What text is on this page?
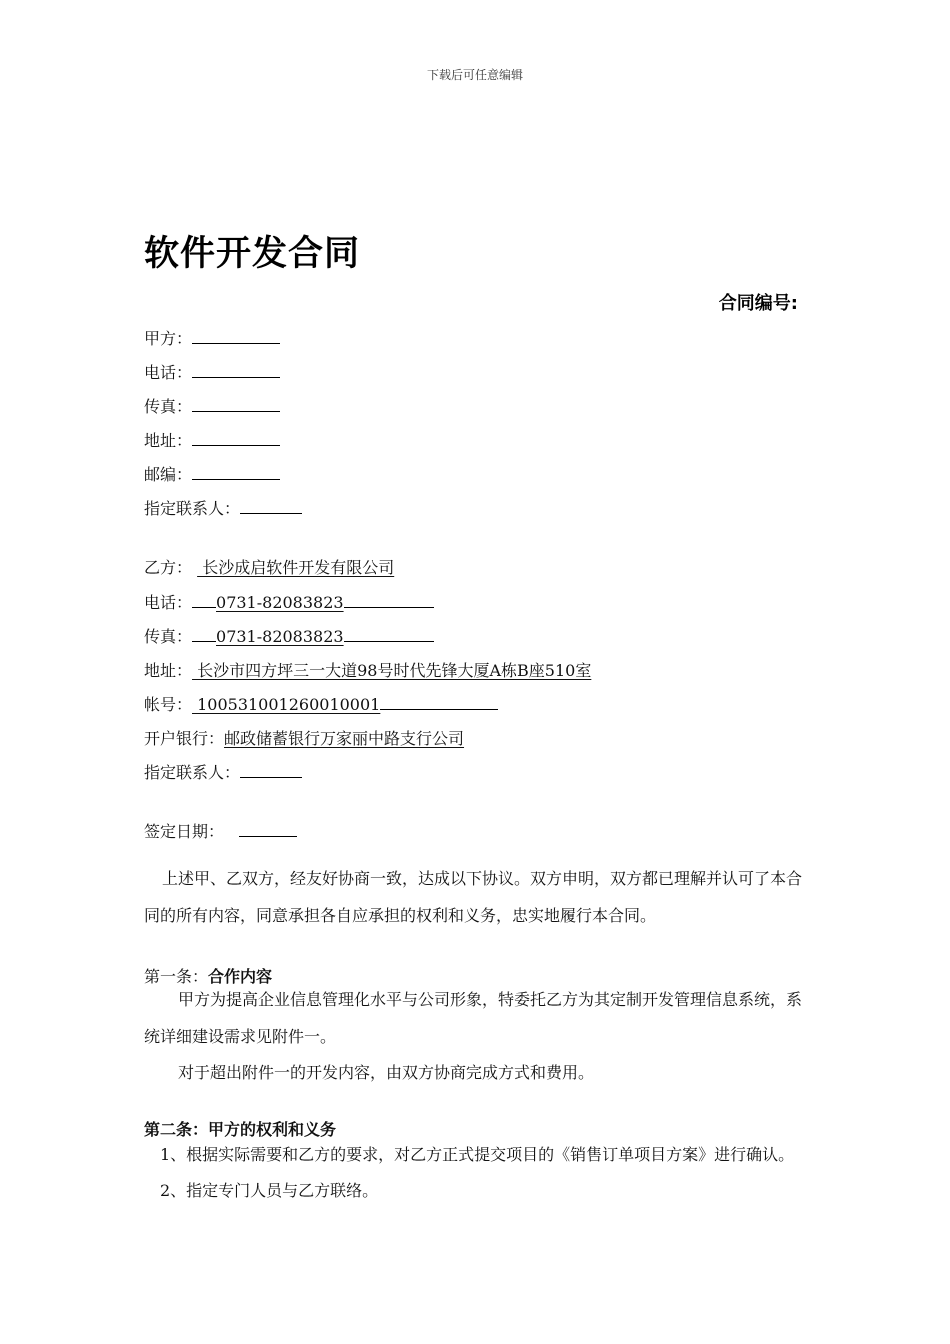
下载后可任意编辑
软件开发合同
合同编号:
甲方：
电话：
传真：
地址：
邮编：
指定联系人：
乙方：  长沙成启软件开发有限公司
电话： 0731-82083823
传真： 0731-82083823
地址： 长沙市四方坪三一大道98号时代先锋大厦A栋B座510室
帐号： 100531001260010001
开户银行：邮政储蓄银行万家丽中路支行公司
指定联系人：
签定日期：
上述甲、乙双方，经友好协商一致，达成以下协议。双方申明，双方都已理解并认可了本合同的所有内容，同意承担各自应承担的权利和义务，忠实地履行本合同。
第一条：合作内容
甲方为提高企业信息管理化水平与公司形象，特委托乙方为其定制开发管理信息系统，系统详细建设需求见附件一。
对于超出附件一的开发内容，由双方协商完成方式和费用。
第二条：甲方的权利和义务
1、根据实际需要和乙方的要求，对乙方正式提交项目的《销售订单项目方案》进行确认。
2、指定专门人员与乙方联络。
